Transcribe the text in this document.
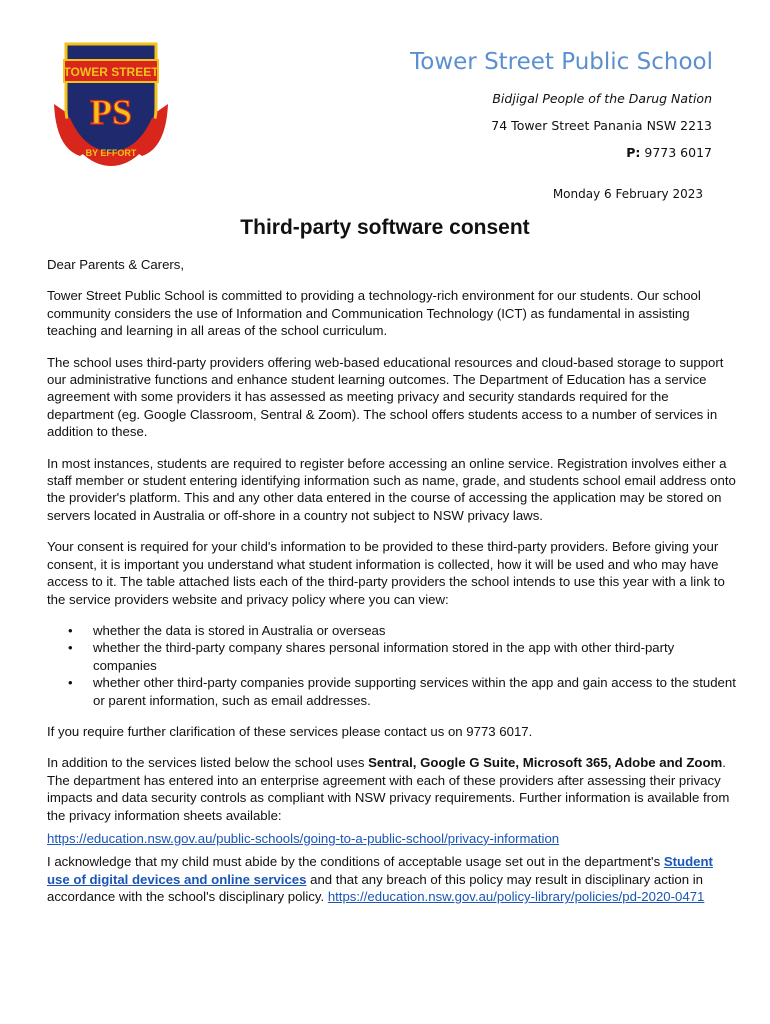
TOWER STREET
PS
BY EFFORT
Tower Street Public School
Bidjigal People of the Darug Nation
74 Tower Street Panania NSW 2213
P: 9773 6017
Monday 6 February 2023
Third-party software consent

Dear Parents & Carers,

Tower Street Public School is committed to providing a technology-rich environment for our students. Our school community considers the use of Information and Communication Technology (ICT) as fundamental in assisting teaching and learning in all areas of the school curriculum.

The school uses third-party providers offering web-based educational resources and cloud-based storage to support our administrative functions and enhance student learning outcomes. The Department of Education has a service agreement with some providers it has assessed as meeting privacy and security standards required for the department (eg. Google Classroom, Sentral & Zoom). The school offers students access to a number of services in addition to these.

In most instances, students are required to register before accessing an online service. Registration involves either a staff member or student entering identifying information such as name, grade, and students school email address onto the provider's platform. This and any other data entered in the course of accessing the application may be stored on servers located in Australia or off-shore in a country not subject to NSW privacy laws.

Your consent is required for your child's information to be provided to these third-party providers. Before giving your consent, it is important you understand what student information is collected, how it will be used and who may have access to it. The table attached lists each of the third-party providers the school intends to use this year with a link to the service providers website and privacy policy where you can view:

• whether the data is stored in Australia or overseas
• whether the third-party company shares personal information stored in the app with other third-party companies
• whether other third-party companies provide supporting services within the app and gain access to the student or parent information, such as email addresses.

If you require further clarification of these services please contact us on 9773 6017.

In addition to the services listed below the school uses Sentral, Google G Suite, Microsoft 365, Adobe and Zoom. The department has entered into an enterprise agreement with each of these providers after assessing their privacy impacts and data security controls as compliant with NSW privacy requirements. Further information is available from the privacy information sheets available:

https://education.nsw.gov.au/public-schools/going-to-a-public-school/privacy-information

I acknowledge that my child must abide by the conditions of acceptable usage set out in the department's Student use of digital devices and online services and that any breach of this policy may result in disciplinary action in accordance with the school's disciplinary policy. https://education.nsw.gov.au/policy-library/policies/pd-2020-0471
